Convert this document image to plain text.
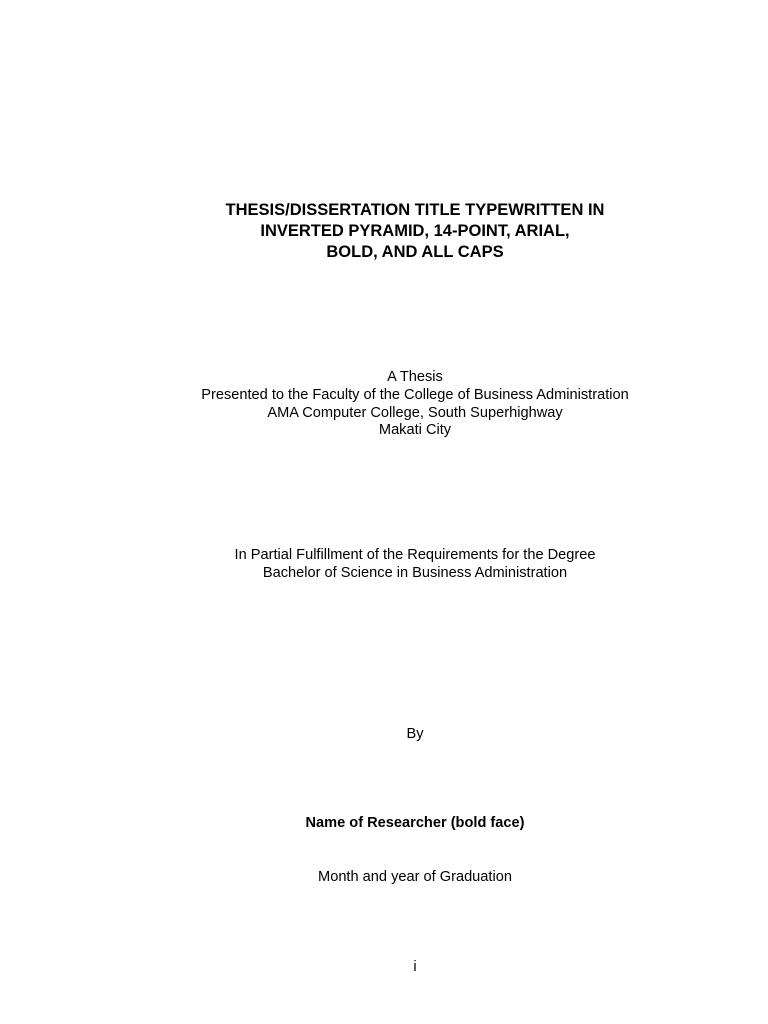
THESIS/DISSERTATION TITLE TYPEWRITTEN IN
INVERTED PYRAMID, 14-POINT, ARIAL,
BOLD, AND ALL CAPS
A Thesis
Presented to the Faculty of the College of Business Administration
AMA Computer College, South Superhighway
Makati City
In Partial Fulfillment of the Requirements for the Degree
Bachelor of Science in Business Administration
By
Name of Researcher (bold face)
Month and year of Graduation
i
